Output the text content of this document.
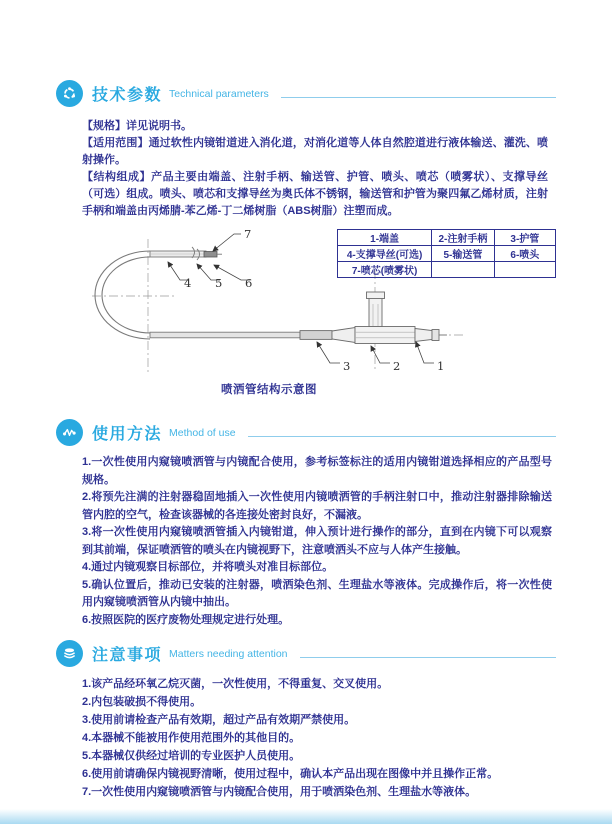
技术参数 Technical parameters

【规格】详见说明书。

【适用范围】通过软性内镜钳道进入消化道，对消化道等人体自然腔道进行液体输送、灌洗、喷射操作。

【结构组成】产品主要由端盖、注射手柄、输送管、护管、喷头、喷芯（喷雾状）、支撑导丝（可选）组成。喷头、喷芯和支撑导丝为奥氏体不锈钢，输送管和护管为聚四氟乙烯材质，注射手柄和端盖由丙烯腈-苯乙烯-丁二烯树脂（ABS树脂）注塑而成。

7
4 5 6
3	2	1
1-端盖	2-注射手柄	3-护管
4-支撑导丝(可选)	5-输送管	6-喷头
7-喷芯(喷雾状)		
喷洒管结构示意图
使用方法 Method of use
1.一次性使用内窥镜喷洒管与内镜配合使用，参考标签标注的适用内镜钳道选择相应的产品型号规格。
2.将预先注满的注射器稳固地插入一次性使用内镜喷洒管的手柄注射口中，推动注射器排除输送管内腔的空气，检查该器械的各连接处密封良好，不漏液。
3.将一次性使用内窥镜喷洒管插入内镜钳道，伸入预计进行操作的部分，直到在内镜下可以观察到其前端，保证喷洒管的喷头在内镜视野下，注意喷洒头不应与人体产生接触。
4.通过内镜观察目标部位，并将喷头对准目标部位。
5.确认位置后，推动已安装的注射器，喷洒染色剂、生理盐水等液体。完成操作后，将一次性使用内窥镜喷洒管从内镜中抽出。
6.按照医院的医疗废物处理规定进行处理。
注意事项 Matters needing attention
1.该产品经环氧乙烷灭菌，一次性使用，不得重复、交叉使用。
2.内包装破损不得使用。
3.使用前请检查产品有效期，超过产品有效期严禁使用。
4.本器械不能被用作使用范围外的其他目的。
5.本器械仅供经过培训的专业医护人员使用。
6.使用前请确保内镜视野清晰，使用过程中，确认本产品出现在图像中并且操作正常。
7.一次性使用内窥镜喷洒管与内镜配合使用，用于喷洒染色剂、生理盐水等液体。
